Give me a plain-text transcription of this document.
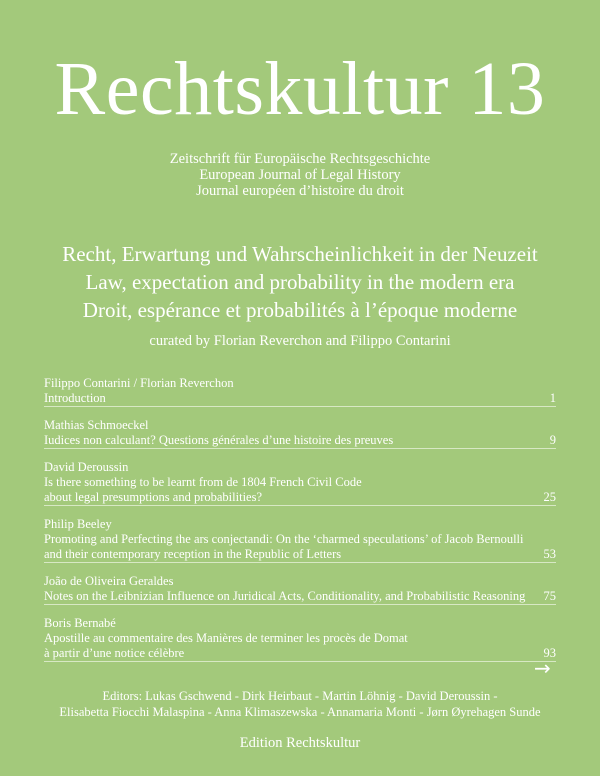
Rechtskultur 13
Zeitschrift für Europäische Rechtsgeschichte
European Journal of Legal History
Journal européen d’histoire du droit
Recht, Erwartung und Wahrscheinlichkeit in der Neuzeit
Law, expectation and probability in the modern era
Droit, espérance et probabilités à l’époque moderne
curated by Florian Reverchon and Filippo Contarini
Filippo Contarini / Florian Reverchon
Introduction	1
Mathias Schmoeckel
Iudices non calculant? Questions générales d’une histoire des preuves	9
David Deroussin
Is there something to be learnt from de 1804 French Civil Code
about legal presumptions and probabilities?	25
Philip Beeley
Promoting and Perfecting the ars conjectandi: On the ‘charmed speculations’ of Jacob Bernoulli
and their contemporary reception in the Republic of Letters	53
João de Oliveira Geraldes
Notes on the Leibnizian Influence on Juridical Acts, Conditionality, and Probabilistic Reasoning 75
Boris Bernabé
Apostille au commentaire des Manières de terminer les procès de Domat
à partir d’une notice célèbre	93
→
Editors: Lukas Gschwend - Dirk Heirbaut - Martin Löhnig - David Deroussin -
Elisabetta Fiocchi Malaspina - Anna Klimaszewska - Annamaria Monti - Jørn Øyrehagen Sunde
Edition Rechtskultur
